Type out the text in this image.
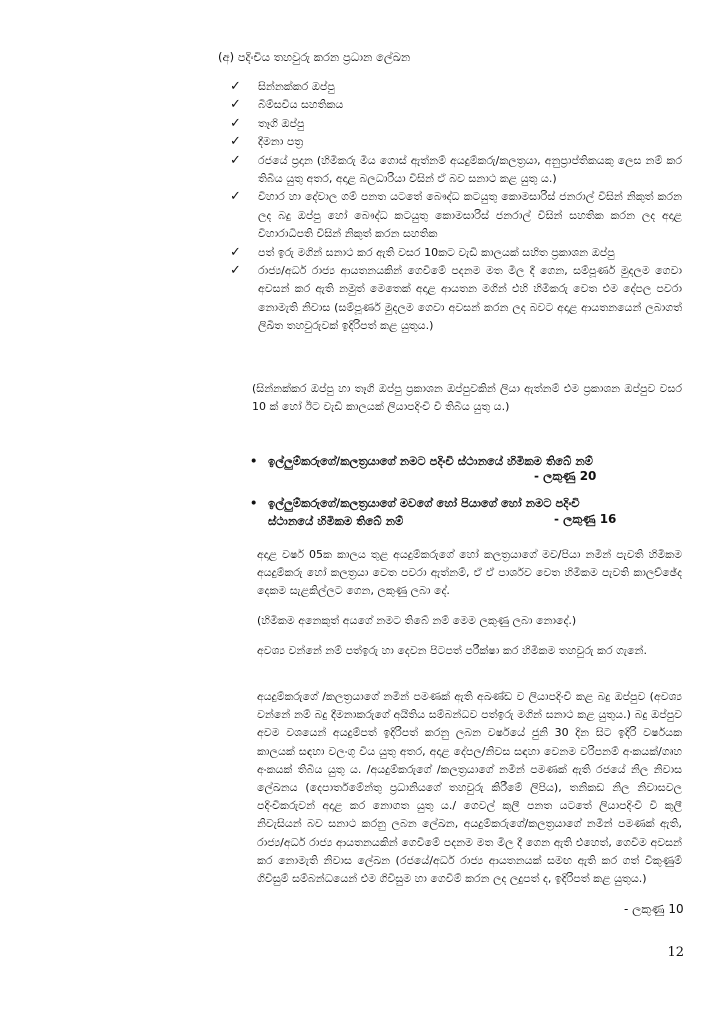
(අ) පදිංචිය තහවුරු කරන ප්‍රධාන ලේඛන
✓ සින්නක්කර ඔප්පු
✓ බිම්සවිය සහතිකය
✓ තෑගි ඔප්පු
✓ දීමනා පත්‍ර
✓ රජයේ ප්‍රදාන (හිමිකරු මිය ගොස් ඇත්නම් අයදුම්කරු/කලත්‍රයා, අනුප්‍රාප්තිකයකු ලෙස නම් කර තිබිය යුතු අතර, අදාළ බලධාරියා විසින් ඒ බව සනාථ කළ යුතු ය.)
✓ විහාර හා දේවාල ගම් පනත යටතේ බෞද්ධ කටයුතු කොමසාරිස් ජනරාල් විසින් නිකුත් කරන ලද බදු ඔප්පු හෝ බෞද්ධ කටයුතු කොමසාරිස් ජනරාල් විසින් සහතික කරන ලද අදාළ විහාරාධිපති විසින් නිකුත් කරන සහතික
✓ පත් ඉරු මගින් සනාථ කර ඇති වසර 10කට වැඩි කාලයක් සහිත ප්‍රකාශන ඔප්පු
✓ රාජ්‍ය/අර්ධ රාජ්‍ය ආයතනයකින් ගෙවීමේ පදනම මත මිල දී ගෙන, සම්පූර්ණ මුදලම ගෙවා අවසන් කර ඇති නමුත් මෙතෙක් අදාළ ආයතන මගින් එහි හිමිකරු වෙත එම දේපල පවරා නොමැති නිවාස (සම්පූර්ණ මුදලම ගෙවා අවසන් කරන ලද බවට අදාළ ආයතනයෙන් ලබාගත් ලිඛිත තහවුරුවක් ඉදිරිපත් කළ යුතුය.)
(සින්නක්කර ඔප්පු හා තෑගි ඔප්පු ප්‍රකාශන ඔප්පුවකින් ලියා ඇත්නම් එම ප්‍රකාශන ඔප්පුව වසර 10 ක් හෝ ඊට වැඩි කාලයක් ලියාපදිංචි වී තිබිය යුතු ය.)
• ඉල්ලුම්කරුගේ/කලත්‍රයාගේ නමට පදිංචි ස්ථානයේ හිමිකම තිබේ නම්
- ලකුණු 20
• ඉල්ලුම්කරුගේ/කලත්‍රයාගේ මවගේ හෝ පියාගේ හෝ නමට පදිංචි
ස්ථානයේ හිමිකම තිබේ නම්	- ලකුණු 16
අදාළ වර්ෂ 05ක කාලය තුළ අයදුම්කරුගේ හෝ කලත්‍රයාගේ මව/පියා නමින් පැවති හිමිකම අයදුම්කරු හෝ කලත්‍රයා වෙත පවරා ඇත්නම්, ඒ ඒ පාර්ශව වෙත හිමිකම පැවති කාලච්ඡේද දෙකම සැළකිල්ලට ගෙන, ලකුණු ලබා දේ.
(හිමිකම අනෙකුත් අයගේ නමට තිබේ නම් මෙම ලකුණු ලබා නොදේ.)
අවශ්‍ය වන්නේ නම් පත්ඉරු හා දෙවන පිටපත් පරීක්ෂා කර හිමිකම තහවුරු කර ගැනේ.
අයදුම්කරුගේ /කලත්‍රයාගේ නමින් පමණක් ඇති අඛණ්ඩ ව ලියාපදිංචි කළ බදු ඔප්පුව (අවශ්‍ය වන්නේ නම් බදු දීමනාකරුගේ අයිතිය සම්බන්ධව පත්ඉරු මගින් සනාථ කළ යුතුය.) බදු ඔප්පුව අවම වශයෙන් අයදුම්පත් ඉදිරිපත් කරනු ලබන වර්ෂයේ ජුනි 30 දින සිට ඉදිරි වර්ෂයක කාලයක් සඳහා වලංගු විය යුතු අතර, අදාළ දේපල/නිවස සඳහා වෙනම වරිපනම් අංකයක්/ගෘහ අංකයක් තිබිය යුතු ය. /අයදුම්කරුගේ /කලත්‍රයාගේ නමින් පමණක් ඇති රජයේ නිල නිවාස ලේඛනය (දෙපාර්තමේන්තු ප්‍රධානියගේ තහවුරු කිරීමේ ලිපිය), තනිකඩ නිල නිවාසවල පදිංචිකරුවන් අදාළ කර නොගත යුතු ය./ ගෙවල් කුලී පනත යටතේ ලියාපදිංචි වී කුලී නිවැසියන් බව සනාථ කරනු ලබන ලේඛන, අයදුම්කරුගේ/කලත්‍රයාගේ නමින් පමණක් ඇති, රාජ්‍ය/අර්ධ රාජ්‍ය ආයතනයකින් ගෙවීමේ පදනම මත මිල දී ගෙන ඇති එහෙත්, ගෙවීම අවසන් කර නොමැති නිවාස ලේඛන (රජයේ/අර්ධ රාජ්‍ය ආයතනයක් සමඟ ඇති කර ගත් විකුණුම් ගිවිසුම් සම්බන්ධයෙන් එම ගිවිසුම හා ගෙවීම් කරන ලද ලදුපත් ද, ඉදිරිපත් කළ යුතුය.)
- ලකුණු 10
12
